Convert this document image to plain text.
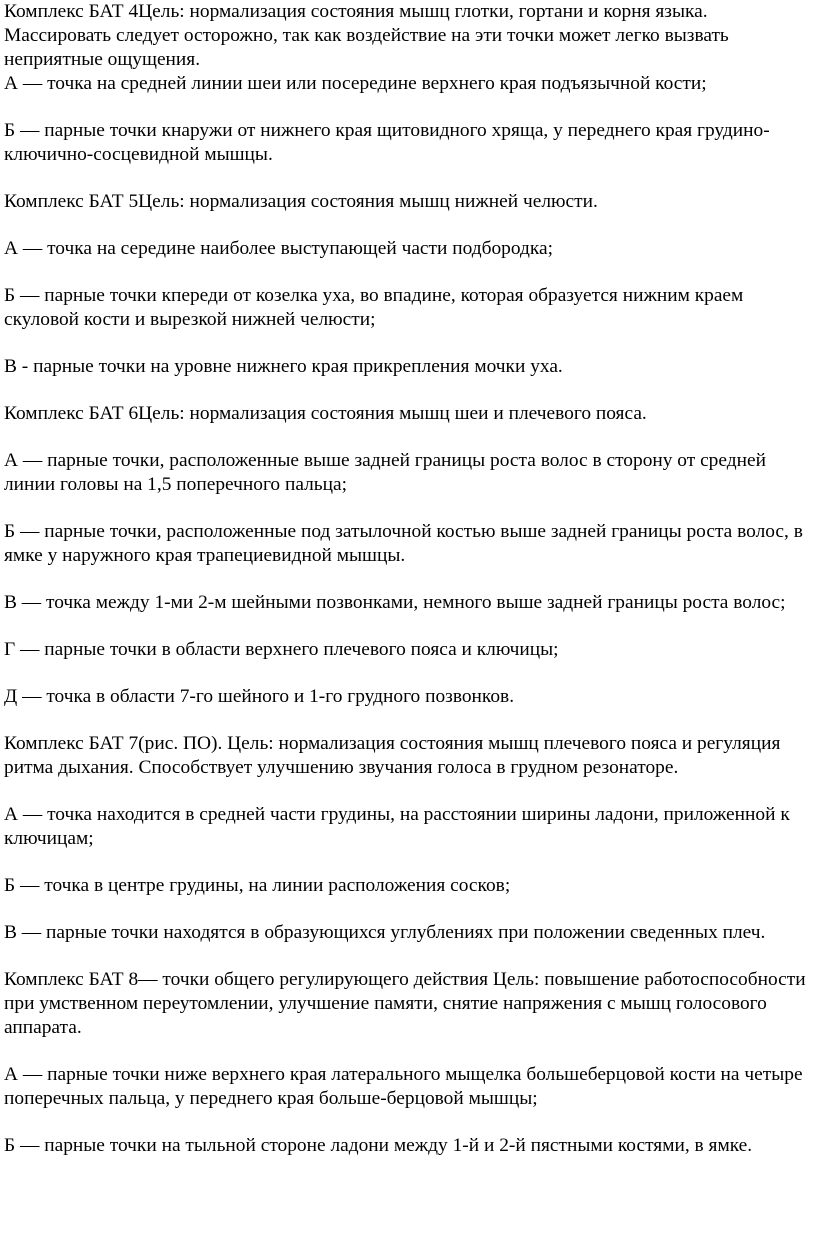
Комплекс БАТ 4Цель: нормализация состояния мышц глотки, гортани и корня языка. Массировать следует осторожно, так как воздействие на эти точки может легко вызвать неприятные ощущения.

А — точка на средней линии шеи или посередине верхнего края подъязычной кости;

Б — парные точки кнаружи от нижнего края щитовидного хряща, у переднего края грудино-ключично-сосцевидной мышцы.

Комплекс БАТ 5Цель: нормализация состояния мышц нижней челюсти.

А — точка на середине наиболее выступающей части подбородка;

Б — парные точки кпереди от козелка уха, во впадине, которая образуется нижним краем скуловой кости и вырезкой нижней челюсти;

В - парные точки на уровне нижнего края прикрепления мочки уха.

Комплекс БАТ 6Цель: нормализация состояния мышц шеи и плечевого пояса.

А — парные точки, расположенные выше задней границы роста волос в сторону от средней линии головы на 1,5 поперечного пальца;

Б — парные точки, расположенные под затылочной костью выше задней границы роста волос, в ямке у наружного края трапециевидной мышцы.

В — точка между 1-ми 2-м шейными позвонками, немного выше задней границы роста волос;

Г — парные точки в области верхнего плечевого пояса и ключицы;

Д — точка в области 7-го шейного и 1-го грудного позвонков.

Комплекс БАТ 7(рис. ПО). Цель: нормализация состояния мышц плечевого пояса и регуляция ритма дыхания. Способствует улучшению звучания голоса в грудном резонаторе.

А — точка находится в средней части грудины, на расстоянии ширины ладони, приложенной к ключицам;

Б — точка в центре грудины, на линии расположения сосков;

В — парные точки находятся в образующихся углублениях при положении сведенных плеч.

Комплекс БАТ 8— точки общего регулирующего действия Цель: повышение работоспособности при умственном переутомлении, улучшение памяти, снятие напряжения с мышц голосового аппарата.

А — парные точки ниже верхнего края латерального мыщелка большеберцовой кости на четыре поперечных пальца, у переднего края больше-берцовой мышцы;

Б — парные точки на тыльной стороне ладони между 1-й и 2-й пястными костями, в ямке.
